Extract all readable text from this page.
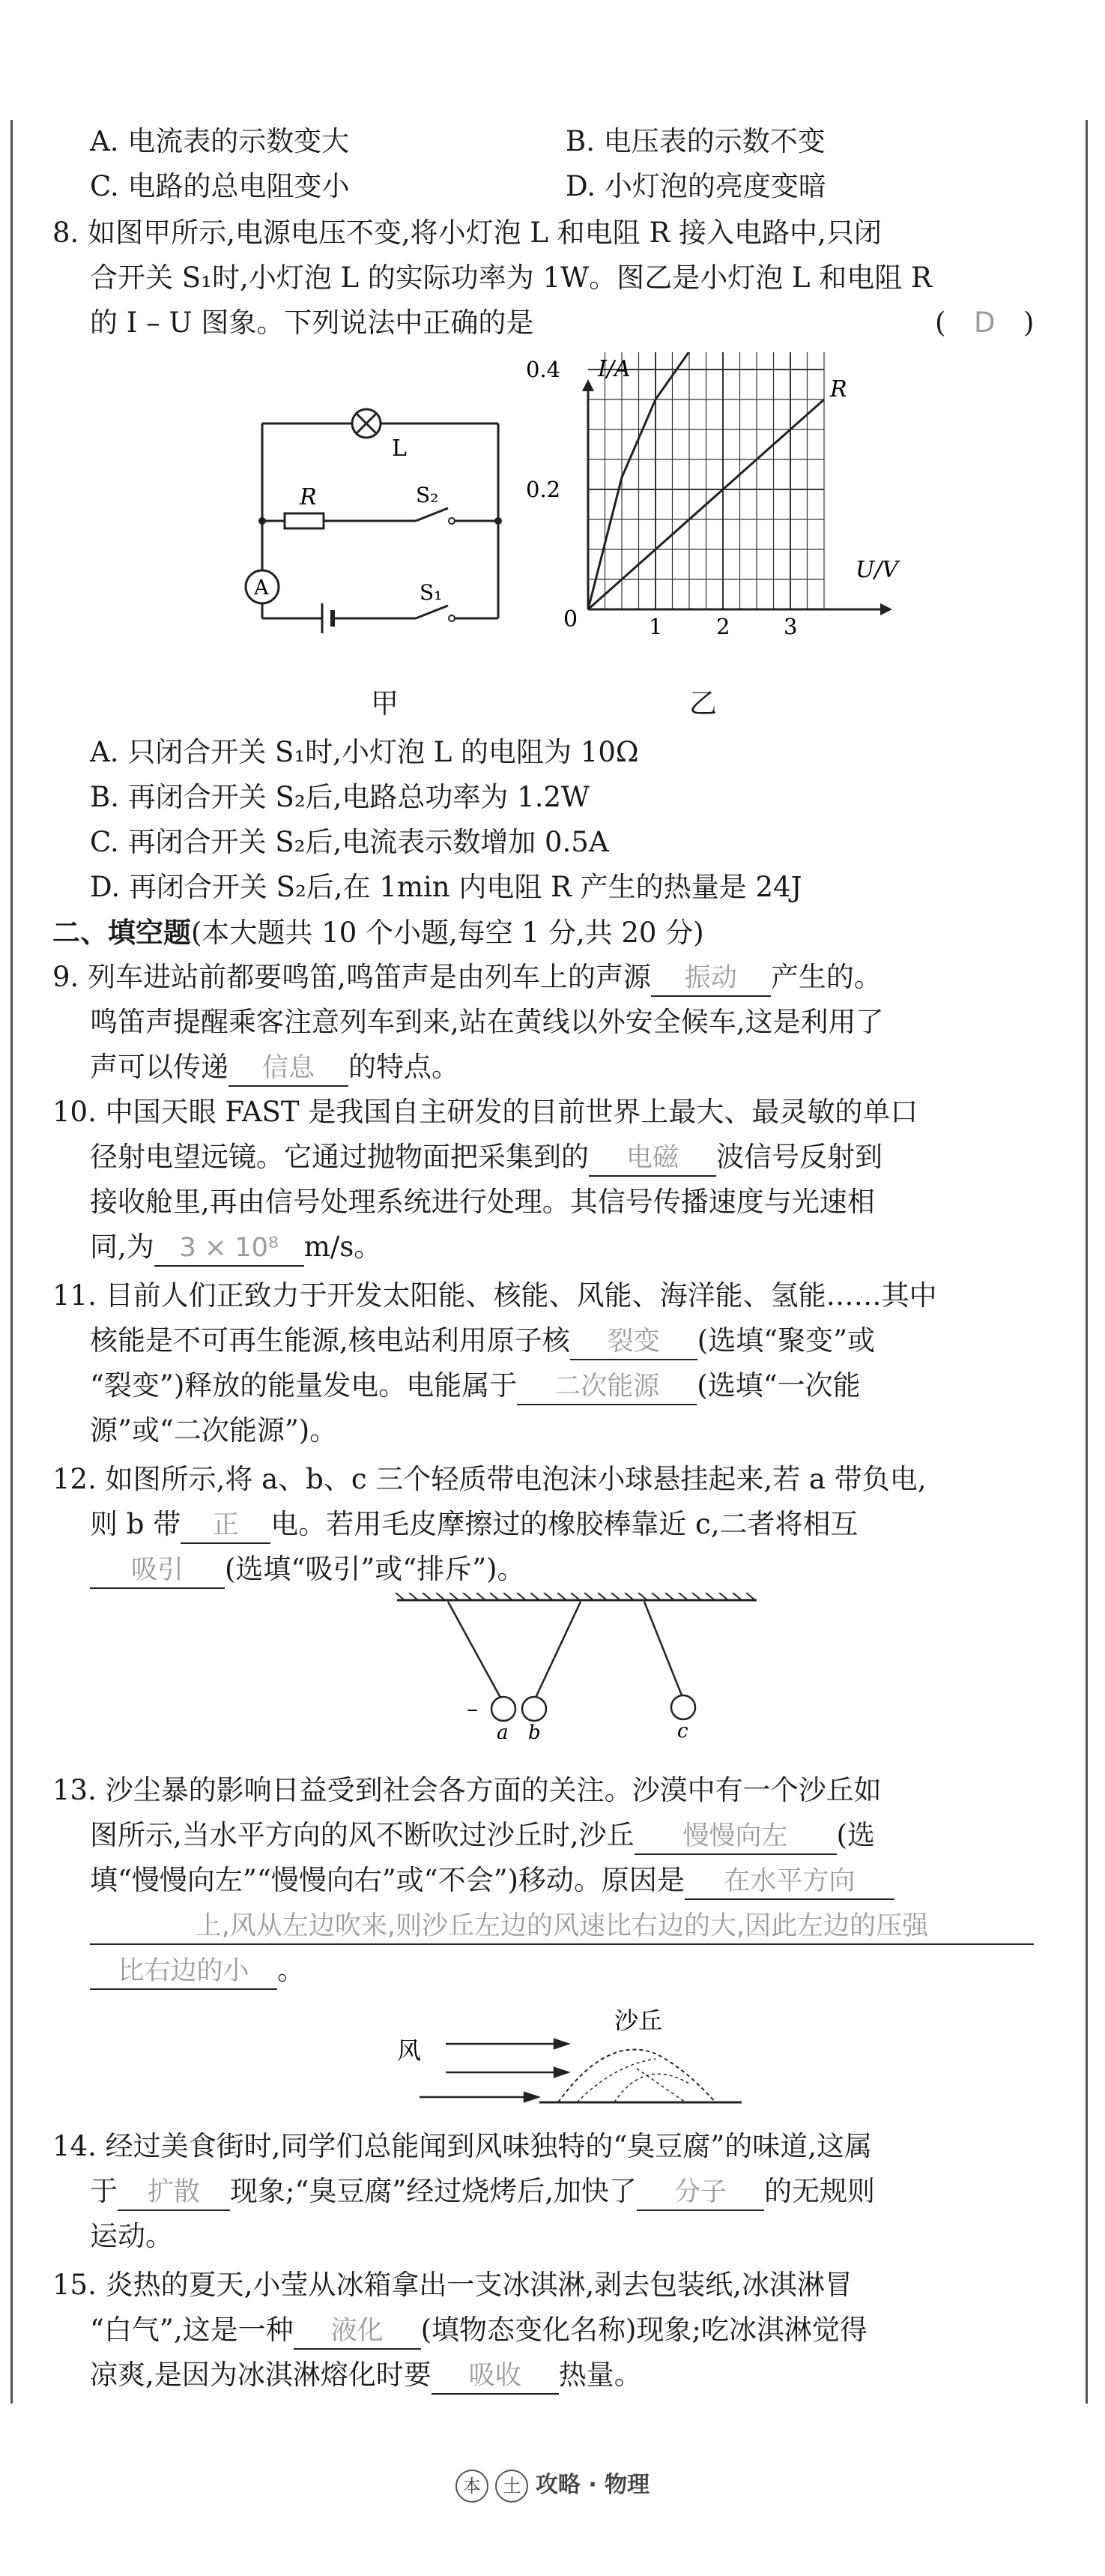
A. 电流表的示数变大	B. 电压表的示数不变
C. 电路的总电阻变小	D. 小灯泡的亮度变暗
8. 如图甲所示,电源电压不变,将小灯泡 L 和电阻 R 接入电路中,只闭
合开关 S₁时,小灯泡 L 的实际功率为 1W。图乙是小灯泡 L 和电阻 R
的 I – U 图象。下列说法中正确的是	( D )
L
R	S₂
S₁
A
甲
I/A
U/V
0
0.2
0.4
1 2 3
R
乙
A. 只闭合开关 S₁时,小灯泡 L 的电阻为 10Ω
B. 再闭合开关 S₂后,电路总功率为 1.2W
C. 再闭合开关 S₂后,电流表示数增加 0.5A
D. 再闭合开关 S₂后,在 1min 内电阻 R 产生的热量是 24J
二、填空题(本大题共 10 个小题,每空 1 分,共 20 分)
9. 列车进站前都要鸣笛,鸣笛声是由列车上的声源 振动 产生的。
鸣笛声提醒乘客注意列车到来,站在黄线以外安全候车,这是利用了
声可以传递 信息 的特点。
10. 中国天眼 FAST 是我国自主研发的目前世界上最大、最灵敏的单口
径射电望远镜。它通过抛物面把采集到的 电磁 波信号反射到
接收舱里,再由信号处理系统进行处理。其信号传播速度与光速相
同,为 3 × 10⁸ m/s。
11. 目前人们正致力于开发太阳能、核能、风能、海洋能、氢能……其中
核能是不可再生能源,核电站利用原子核 裂变 (选填“聚变”或
“裂变”)释放的能量发电。电能属于 二次能源 (选填“一次能
源”或“二次能源”)。
12. 如图所示,将 a、b、c 三个轻质带电泡沫小球悬挂起来,若 a 带负电,
则 b 带 正 电。若用毛皮摩擦过的橡胶棒靠近 c,二者将相互
吸引 (选填“吸引”或“排斥”)。
–
a b	c
13. 沙尘暴的影响日益受到社会各方面的关注。沙漠中有一个沙丘如
图所示,当水平方向的风不断吹过沙丘时,沙丘 慢慢向左 (选
填“慢慢向左”“慢慢向右”或“不会”)移动。原因是 在水平方向
上,风从左边吹来,则沙丘左边的风速比右边的大,因此左边的压强
比右边的小 。
风
沙丘
14. 经过美食街时,同学们总能闻到风味独特的“臭豆腐”的味道,这属
于 扩散 现象;“臭豆腐”经过烧烤后,加快了 分子 的无规则
运动。
15. 炎热的夏天,小莹从冰箱拿出一支冰淇淋,剥去包装纸,冰淇淋冒
“白气”,这是一种 液化 (填物态变化名称)现象;吃冰淇淋觉得
凉爽,是因为冰淇淋熔化时要 吸收 热量。
本 土 攻略 · 物理
